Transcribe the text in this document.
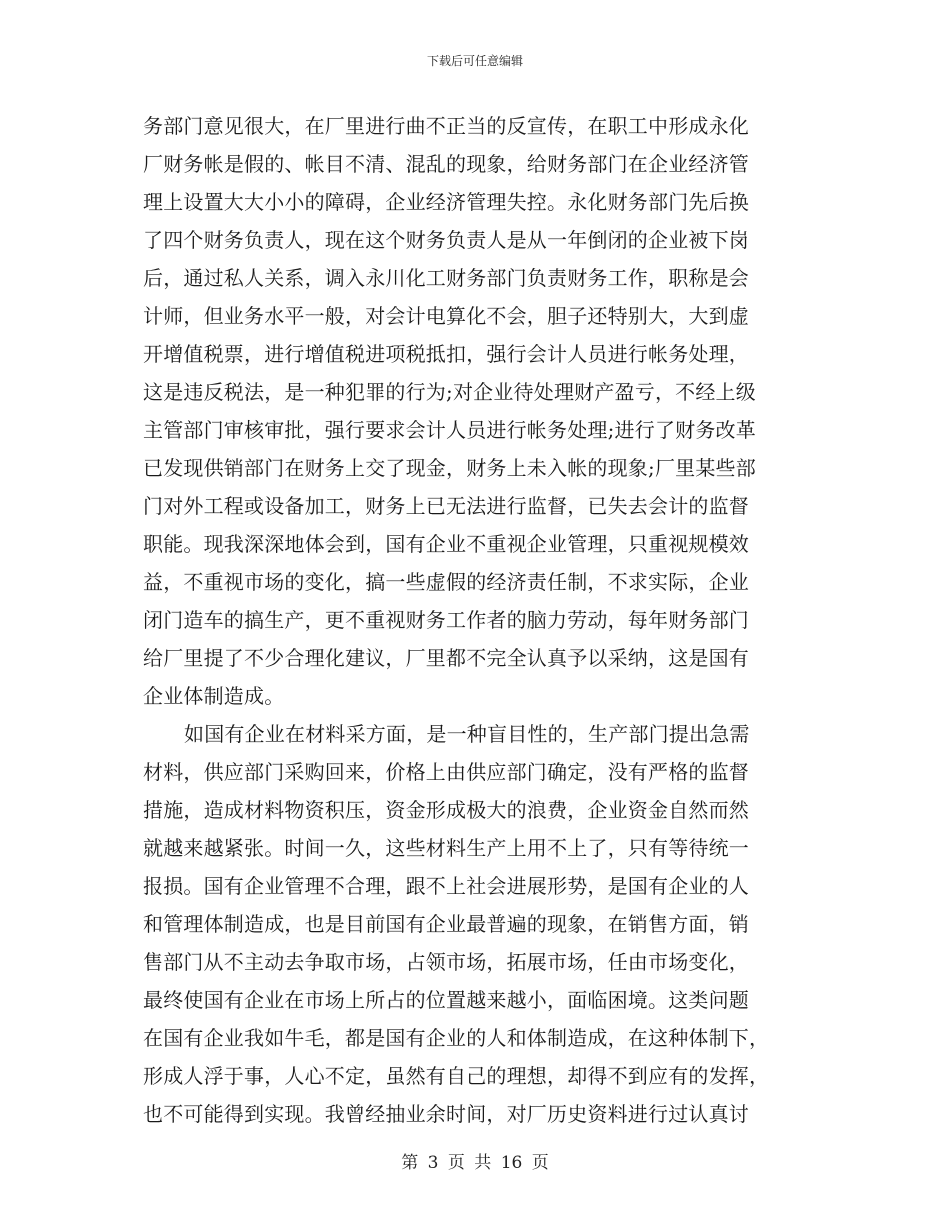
下载后可任意编辑
务部门意见很大，在厂里进行曲不正当的反宣传，在职工中形成永化
厂财务帐是假的、帐目不清、混乱的现象，给财务部门在企业经济管
理上设置大大小小的障碍，企业经济管理失控。永化财务部门先后换
了四个财务负责人，现在这个财务负责人是从一年倒闭的企业被下岗
后，通过私人关系，调入永川化工财务部门负责财务工作，职称是会
计师，但业务水平一般，对会计电算化不会，胆子还特别大，大到虚
开增值税票，进行增值税进项税抵扣，强行会计人员进行帐务处理，
这是违反税法，是一种犯罪的行为;对企业待处理财产盈亏，不经上级
主管部门审核审批，强行要求会计人员进行帐务处理;进行了财务改革
已发现供销部门在财务上交了现金，财务上未入帐的现象;厂里某些部
门对外工程或设备加工，财务上已无法进行监督，已失去会计的监督
职能。现我深深地体会到，国有企业不重视企业管理，只重视规模效
益，不重视市场的变化，搞一些虚假的经济责任制，不求实际，企业
闭门造车的搞生产，更不重视财务工作者的脑力劳动，每年财务部门
给厂里提了不少合理化建议，厂里都不完全认真予以采纳，这是国有
企业体制造成。
如国有企业在材料采方面，是一种盲目性的，生产部门提出急需
材料，供应部门采购回来，价格上由供应部门确定，没有严格的监督
措施，造成材料物资积压，资金形成极大的浪费，企业资金自然而然
就越来越紧张。时间一久，这些材料生产上用不上了，只有等待统一
报损。国有企业管理不合理，跟不上社会进展形势，是国有企业的人
和管理体制造成，也是目前国有企业最普遍的现象，在销售方面，销
售部门从不主动去争取市场，占领市场，拓展市场，任由市场变化，
最终使国有企业在市场上所占的位置越来越小，面临困境。这类问题
在国有企业我如牛毛，都是国有企业的人和体制造成，在这种体制下，
形成人浮于事，人心不定，虽然有自己的理想，却得不到应有的发挥，
也不可能得到实现。我曾经抽业余时间，对厂历史资料进行过认真讨
第 3 页 共 16 页
